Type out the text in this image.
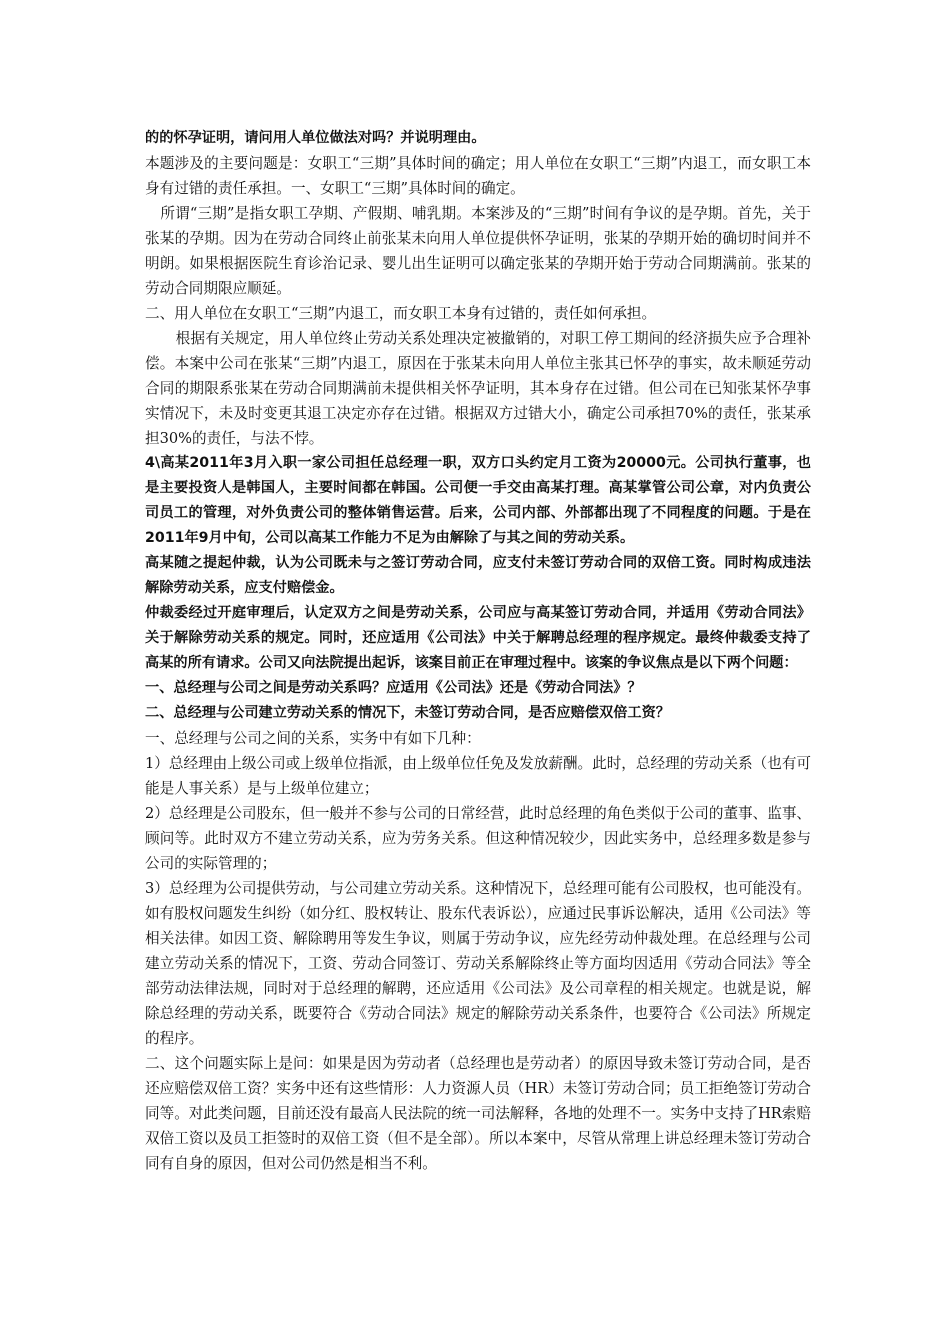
的的怀孕证明，请问用人单位做法对吗？并说明理由。

本题涉及的主要问题是：女职工“三期”具体时间的确定；用人单位在女职工“三期”内退工，而女职工本身有过错的责任承担。一、女职工“三期”具体时间的确定。

所谓“三期”是指女职工孕期、产假期、哺乳期。本案涉及的“三期”时间有争议的是孕期。首先，关于张某的孕期。因为在劳动合同终止前张某未向用人单位提供怀孕证明，张某的孕期开始的确切时间并不明朗。如果根据医院生育诊治记录、婴儿出生证明可以确定张某的孕期开始于劳动合同期满前。张某的劳动合同期限应顺延。

二、用人单位在女职工“三期”内退工，而女职工本身有过错的，责任如何承担。

根据有关规定，用人单位终止劳动关系处理决定被撤销的，对职工停工期间的经济损失应予合理补偿。本案中公司在张某“三期”内退工，原因在于张某未向用人单位主张其已怀孕的事实，故未顺延劳动合同的期限系张某在劳动合同期满前未提供相关怀孕证明，其本身存在过错。但公司在已知张某怀孕事实情况下，未及时变更其退工决定亦存在过错。根据双方过错大小，确定公司承担70%的责任，张某承担30%的责任，与法不悖。

4\高某2011年3月入职一家公司担任总经理一职，双方口头约定月工资为20000元。公司执行董事，也是主要投资人是韩国人，主要时间都在韩国。公司便一手交由高某打理。高某掌管公司公章，对内负责公司员工的管理，对外负责公司的整体销售运营。后来，公司内部、外部都出现了不同程度的问题。于是在2011年9月中旬，公司以高某工作能力不足为由解除了与其之间的劳动关系。

高某随之提起仲裁，认为公司既未与之签订劳动合同，应支付未签订劳动合同的双倍工资。同时构成违法解除劳动关系，应支付赔偿金。

仲裁委经过开庭审理后，认定双方之间是劳动关系，公司应与高某签订劳动合同，并适用《劳动合同法》关于解除劳动关系的规定。同时，还应适用《公司法》中关于解聘总经理的程序规定。最终仲裁委支持了高某的所有请求。公司又向法院提出起诉，该案目前正在审理过程中。该案的争议焦点是以下两个问题：

一、总经理与公司之间是劳动关系吗？应适用《公司法》还是《劳动合同法》？

二、总经理与公司建立劳动关系的情况下，未签订劳动合同，是否应赔偿双倍工资？

一、总经理与公司之间的关系，实务中有如下几种：

1）总经理由上级公司或上级单位指派，由上级单位任免及发放薪酬。此时，总经理的劳动关系（也有可能是人事关系）是与上级单位建立；

2）总经理是公司股东，但一般并不参与公司的日常经营，此时总经理的角色类似于公司的董事、监事、顾问等。此时双方不建立劳动关系，应为劳务关系。但这种情况较少，因此实务中，总经理多数是参与公司的实际管理的；

3）总经理为公司提供劳动，与公司建立劳动关系。这种情况下，总经理可能有公司股权，也可能没有。如有股权问题发生纠纷（如分红、股权转让、股东代表诉讼），应通过民事诉讼解决，适用《公司法》等相关法律。如因工资、解除聘用等发生争议，则属于劳动争议，应先经劳动仲裁处理。在总经理与公司建立劳动关系的情况下，工资、劳动合同签订、劳动关系解除终止等方面均因适用《劳动合同法》等全部劳动法律法规，同时对于总经理的解聘，还应适用《公司法》及公司章程的相关规定。也就是说，解除总经理的劳动关系，既要符合《劳动合同法》规定的解除劳动关系条件，也要符合《公司法》所规定的程序。

二、这个问题实际上是问：如果是因为劳动者（总经理也是劳动者）的原因导致未签订劳动合同，是否还应赔偿双倍工资？实务中还有这些情形：人力资源人员（HR）未签订劳动合同；员工拒绝签订劳动合同等。对此类问题，目前还没有最高人民法院的统一司法解释，各地的处理不一。实务中支持了HR索赔双倍工资以及员工拒签时的双倍工资（但不是全部）。所以本案中，尽管从常理上讲总经理未签订劳动合同有自身的原因，但对公司仍然是相当不利。
